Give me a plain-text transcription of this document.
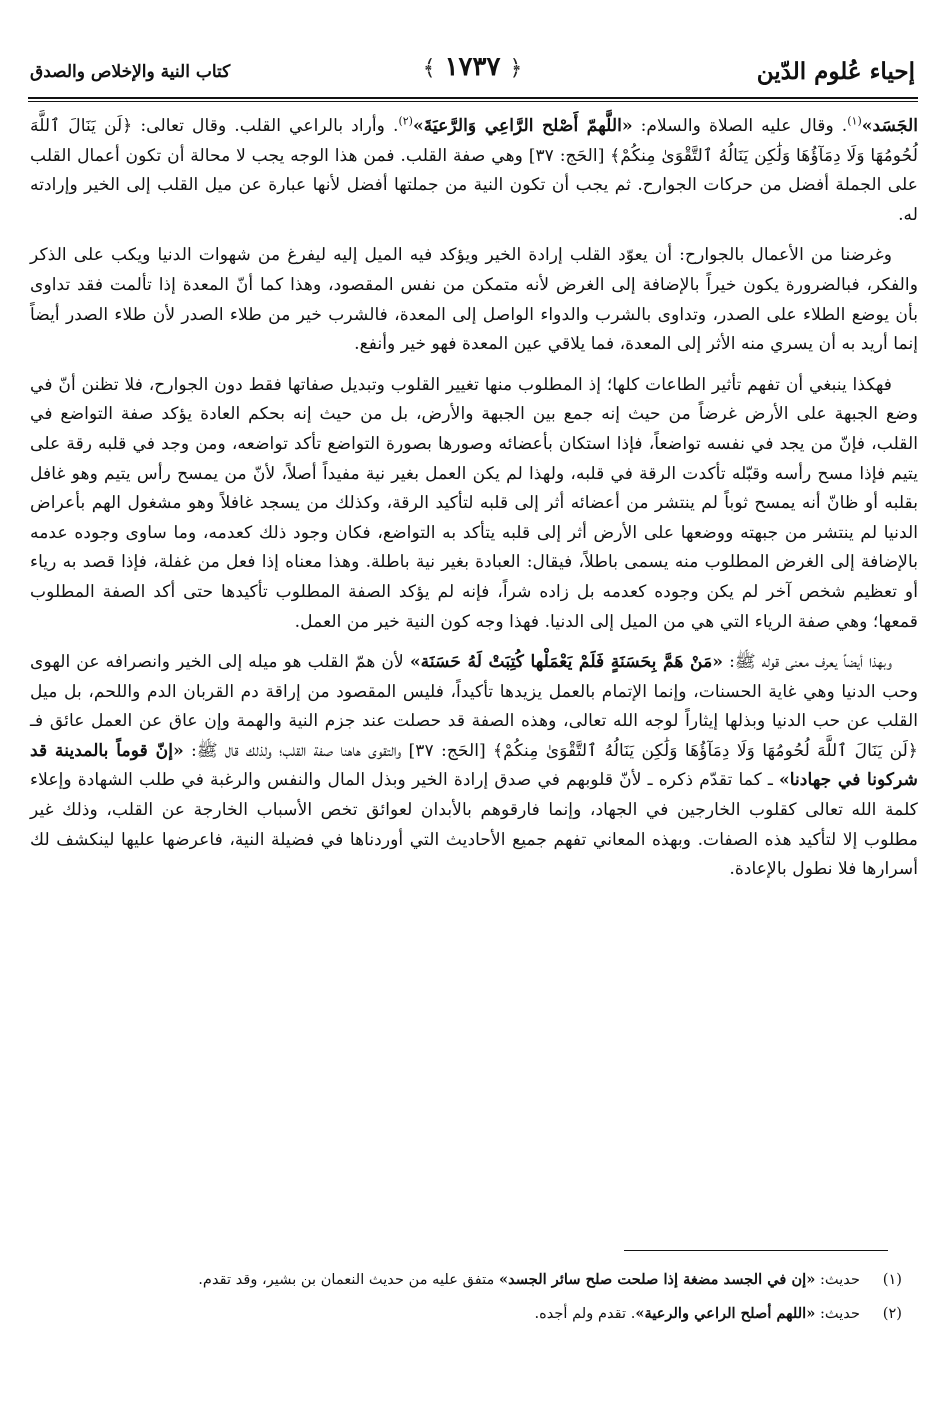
إحياء عُلوم الدّين
﴿ ١٧٣٧ ﴾
كتاب النية والإخلاص والصدق

الجَسَد»$^{(١)}$. وقال عليه الصلاة والسلام: «اللَّهمّ أَصْلح الرَّاعِي وَالرَّعيَةَ»$^{(٢)}$. وأراد بالراعي القلب. وقال تعالى: ﴿لَن يَنَالَ ٱللَّهَ لُحُومُهَا وَلَا دِمَآؤُهَا وَلَٰكِن يَنَالُهُ ٱلتَّقْوَىٰ مِنكُمْ﴾ [الحَج: ٣٧] وهي صفة القلب. فمن هذا الوجه يجب لا محالة أن تكون أعمال القلب على الجملة أفضل من حركات الجوارح. ثم يجب أن تكون النية من جملتها أفضل لأنها عبارة عن ميل القلب إلى الخير وإرادته له.

وغرضنا من الأعمال بالجوارح: أن يعوّد القلب إرادة الخير ويؤكد فيه الميل إليه ليفرغ من شهوات الدنيا ويكب على الذكر والفكر، فبالضرورة يكون خيراً بالإضافة إلى الغرض لأنه متمكن من نفس المقصود، وهذا كما أنّ المعدة إذا تألمت فقد تداوى بأن يوضع الطلاء على الصدر، وتداوى بالشرب والدواء الواصل إلى المعدة، فالشرب خير من طلاء الصدر لأن طلاء الصدر أيضاً إنما أريد به أن يسري منه الأثر إلى المعدة، فما يلاقي عين المعدة فهو خير وأنفع.

فهكذا ينبغي أن تفهم تأثير الطاعات كلها؛ إذ المطلوب منها تغيير القلوب وتبديل صفاتها فقط دون الجوارح، فلا تظنن أنّ في وضع الجبهة على الأرض غرضاً من حيث إنه جمع بين الجبهة والأرض، بل من حيث إنه بحكم العادة يؤكد صفة التواضع في القلب، فإنّ من يجد في نفسه تواضعاً، فإذا استكان بأعضائه وصورها بصورة التواضع تأكد تواضعه، ومن وجد في قلبه رقة على يتيم فإذا مسح رأسه وقبّله تأكدت الرقة في قلبه، ولهذا لم يكن العمل بغير نية مفيداً أصلاً، لأنّ من يمسح رأس يتيم وهو غافل بقلبه أو ظانّ أنه يمسح ثوباً لم ينتشر من أعضائه أثر إلى قلبه لتأكيد الرقة، وكذلك من يسجد غافلاً وهو مشغول الهم بأعراض الدنيا لم ينتشر من جبهته ووضعها على الأرض أثر إلى قلبه يتأكد به التواضع، فكان وجود ذلك كعدمه، وما ساوى وجوده عدمه بالإضافة إلى الغرض المطلوب منه يسمى باطلاً، فيقال: العبادة بغير نية باطلة. وهذا معناه إذا فعل من غفلة، فإذا قصد به رياء أو تعظيم شخص آخر لم يكن وجوده كعدمه بل زاده شراً، فإنه لم يؤكد الصفة المطلوب تأكيدها حتى أكد الصفة المطلوب قمعها؛ وهي صفة الرياء التي هي من الميل إلى الدنيا. فهذا وجه كون النية خير من العمل.

وبهذا أيضاً يعرف معنى قوله ﷺ: «مَنْ هَمَّ بِحَسَنَةٍ فَلَمْ يَعْمَلْها كُتِبَتْ لَهُ حَسَنَة» لأن همّ القلب هو ميله إلى الخير وانصرافه عن الهوى وحب الدنيا وهي غاية الحسنات، وإنما الإتمام بالعمل يزيدها تأكيداً، فليس المقصود من إراقة دم القربان الدم واللحم، بل ميل القلب عن حب الدنيا وبذلها إيثاراً لوجه الله تعالى، وهذه الصفة قد حصلت عند جزم النية والهمة وإن عاق عن العمل عائق فـ ﴿لَن يَنَالَ ٱللَّهَ لُحُومُهَا وَلَا دِمَآؤُهَا وَلَٰكِن يَنَالُهُ ٱلتَّقْوَىٰ مِنكُمْ﴾ [الحَج: ٣٧] والتقوى هاهنا صفة القلب؛ ولذلك قال ﷺ: «إنّ قوماً بالمدينة قد شركونا في جهادنا» ـ كما تقدّم ذكره ـ لأنّ قلوبهم في صدق إرادة الخير وبذل المال والنفس والرغبة في طلب الشهادة وإعلاء كلمة الله تعالى كقلوب الخارجين في الجهاد، وإنما فارقوهم بالأبدان لعوائق تخص الأسباب الخارجة عن القلب، وذلك غير مطلوب إلا لتأكيد هذه الصفات. وبهذه المعاني تفهم جميع الأحاديث التي أوردناها في فضيلة النية، فاعرضها عليها لينكشف لك أسرارها فلا نطول بالإعادة.

(١)
حديث: «إن في الجسد مضغة إذا صلحت صلح سائر الجسد» متفق عليه من حديث النعمان بن بشير، وقد تقدم.
(٢)
حديث: «اللهم أصلح الراعي والرعية». تقدم ولم أجده.
